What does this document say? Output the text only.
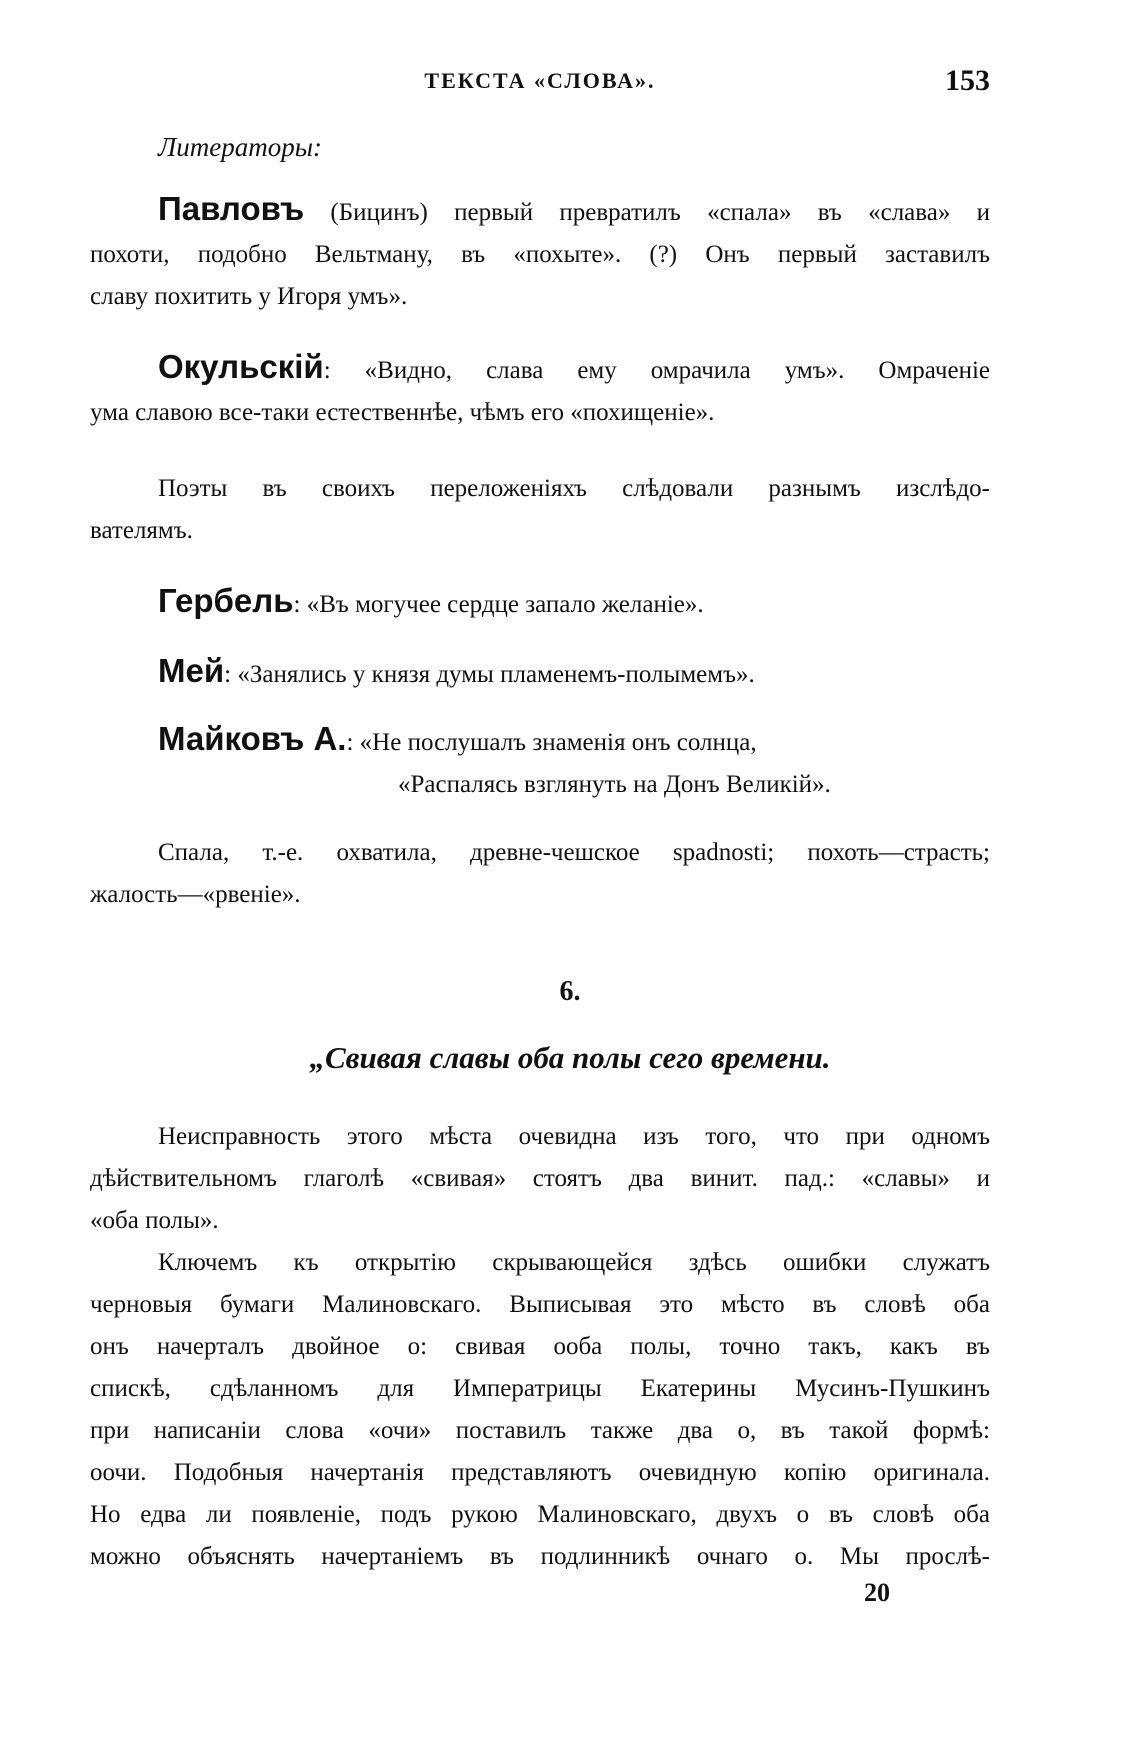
ТЕКСТА «СЛОВА».	153
Литераторы:
Павловъ (Бицинъ) первый превратилъ «спала» въ «слава» и
похоти, подобно Вельтману, въ «похыте». (?) Онъ первый заставилъ
славу похитить у Игоря умъ».
Окульскій: «Видно, слава ему омрачила умъ». Омраченіе
ума славою все-таки естественнѣе, чѣмъ его «похищеніе».
Поэты въ своихъ переложеніяхъ слѣдовали разнымъ изслѣдо-
вателямъ.
Гербель: «Въ могучее сердце запало желаніе».
Мей: «Занялись у князя думы пламенемъ-полымемъ».
Майковъ А.: «Не послушалъ знаменія онъ солнца,
«Распалясь взглянуть на Донъ Великій».
Спала, т.-е. охватила, древне-чешское spadnosti; похоть—страсть;
жалость—«рвеніе».
6.
„Свивая славы оба полы сего времени.
Неисправность этого мѣста очевидна изъ того, что при одномъ
дѣйствительномъ глаголѣ «свивая» стоятъ два винит. пад.: «славы» и
«оба полы».
Ключемъ къ открытію скрывающейся здѣсь ошибки служатъ
черновыя бумаги Малиновскаго. Выписывая это мѣсто въ словѣ оба
онъ начерталъ двойное о: свивая ооба полы, точно такъ, какъ въ
спискѣ, сдѣланномъ для Императрицы Екатерины Мусинъ-Пушкинъ
при написаніи слова «очи» поставилъ также два о, въ такой формѣ:
оочи. Подобныя начертанія представляютъ очевидную копію оригинала.
Но едва ли появленіе, подъ рукою Малиновскаго, двухъ о въ словѣ оба
можно объяснять начертаніемъ въ подлинникѣ очнаго о. Мы прослѣ-
20
